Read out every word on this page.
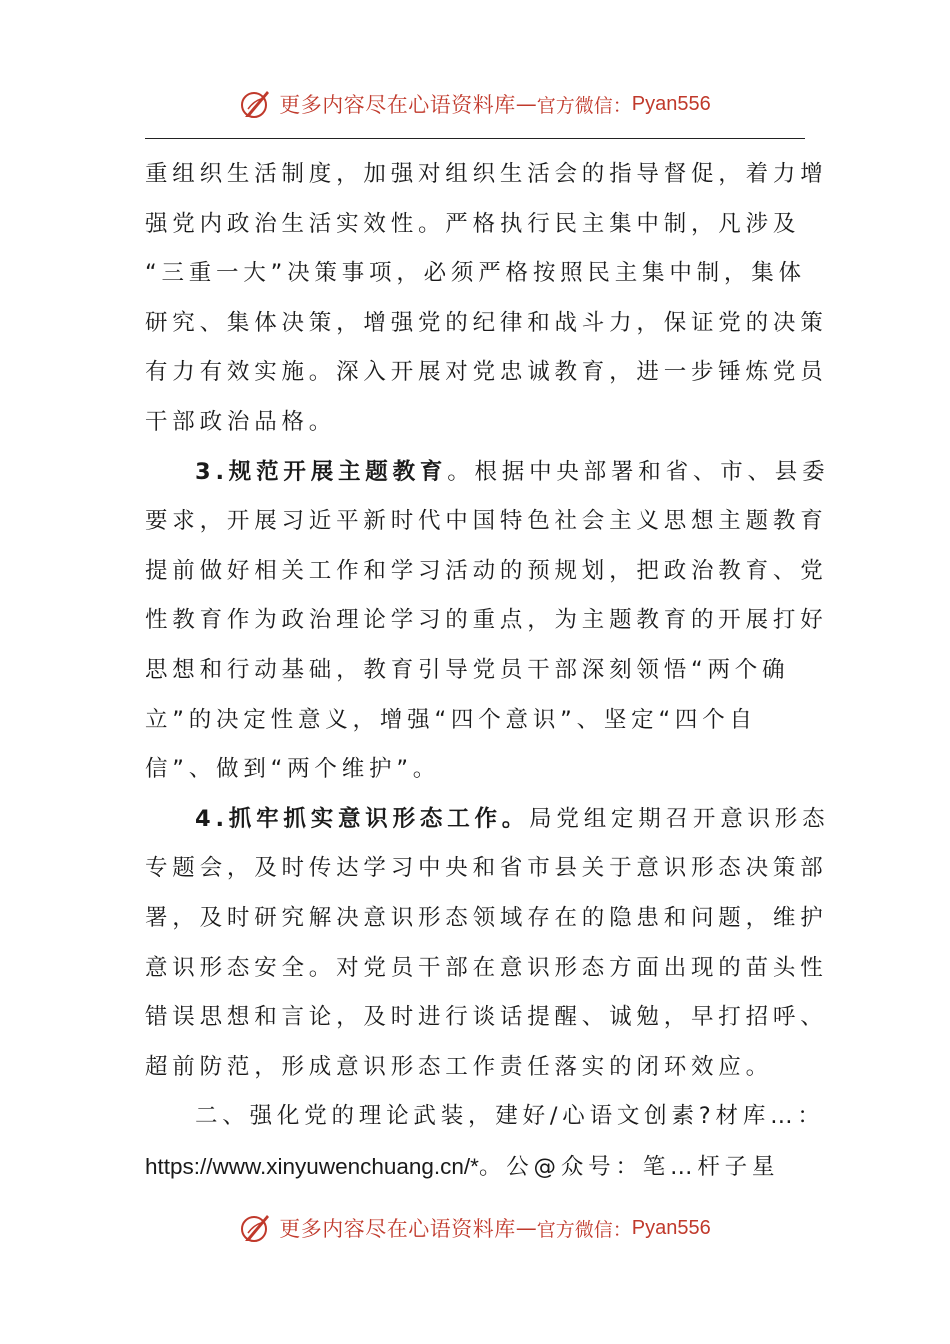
更多内容尽在心语资料库 — 官方微信： Pyan556

重组织生活制度，加强对组织生活会的指导督促，着力增
强党内政治生活实效性。严格执行民主集中制，凡涉及
“三重一大”决策事项，必须严格按照民主集中制，集体
研究、集体决策，增强党的纪律和战斗力，保证党的决策
有力有效实施。深入开展对党忠诚教育，进一步锤炼党员
干部政治品格。

3.规范开展主题教育。根据中央部署和省、市、县委
要求，开展习近平新时代中国特色社会主义思想主题教育
提前做好相关工作和学习活动的预规划，把政治教育、党
性教育作为政治理论学习的重点，为主题教育的开展打好
思想和行动基础，教育引导党员干部深刻领悟“两个确
立”的决定性意义，增强“四个意识”、坚定“四个自
信”、做到“两个维护”。

4.抓牢抓实意识形态工作。局党组定期召开意识形态
专题会，及时传达学习中央和省市县关于意识形态决策部
署，及时研究解决意识形态领域存在的隐患和问题，维护
意识形态安全。对党员干部在意识形态方面出现的苗头性
错误思想和言论，及时进行谈话提醒、诚勉，早打招呼、
超前防范，形成意识形态工作责任落实的闭环效应。

二、强化党的理论武装，建好/心语文创素?材库…：
https://www.xinyuwenchuang.cn/*。公@众号：笔…杆子星

更多内容尽在心语资料库 — 官方微信： Pyan556
